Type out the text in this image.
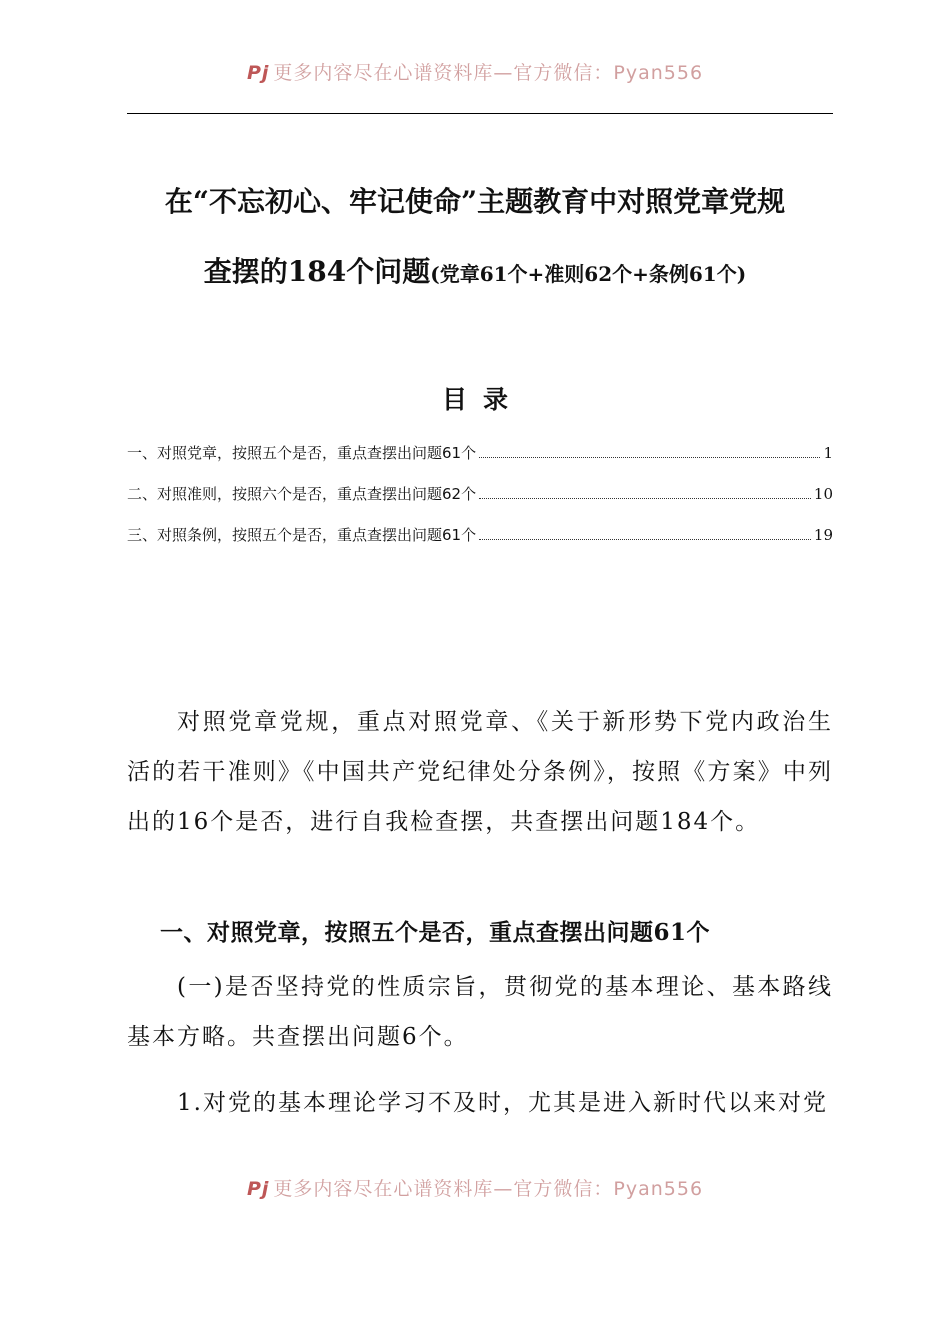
Pj 更多内容尽在心谱资料库—官方微信：Pyan556
在“不忘初心、牢记使命”主题教育中对照党章党规
查摆的184个问题(党章61个+准则62个+条例61个)
目录
一、对照党章，按照五个是否，重点查摆出问题61个	1
二、对照准则，按照六个是否，重点查摆出问题62个	10
三、对照条例，按照五个是否，重点查摆出问题61个	19
对照党章党规，重点对照党章、《关于新形势下党内政治生活的若干准则》《中国共产党纪律处分条例》，按照《方案》中列出的16个是否，进行自我检查摆，共查摆出问题184个。
一、对照党章，按照五个是否，重点查摆出问题61个
(一)是否坚持党的性质宗旨，贯彻党的基本理论、基本路线基本方略。共查摆出问题6个。
1.对党的基本理论学习不及时，尤其是进入新时代以来对党
Pj 更多内容尽在心谱资料库—官方微信：Pyan556
